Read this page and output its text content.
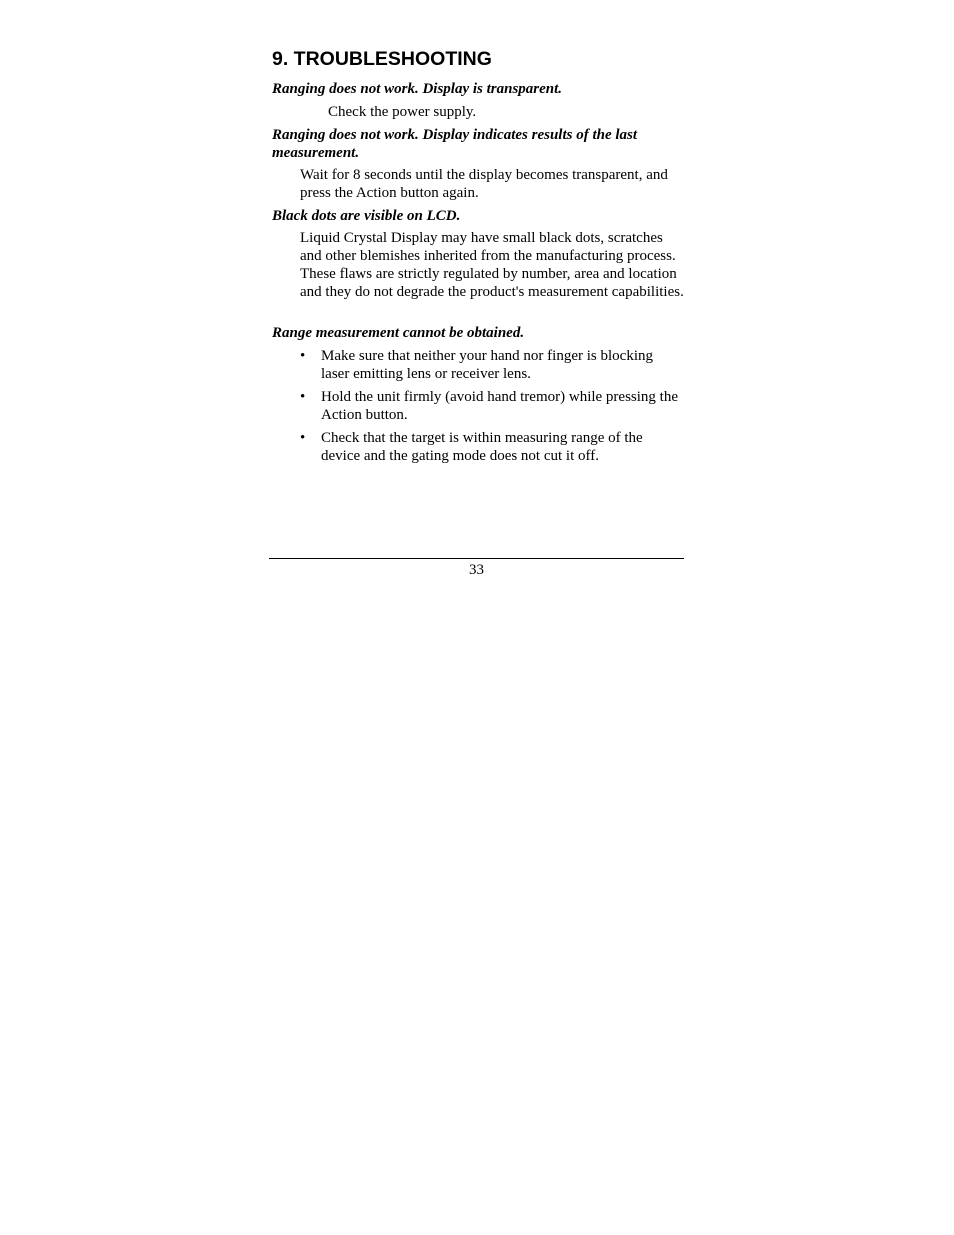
9. TROUBLESHOOTING

Ranging does not work. Display is transparent.

Check the power supply.

Ranging does not work. Display indicates results of the last measurement.

Wait for 8 seconds until the display becomes transparent, and press the Action button again.

Black dots are visible on LCD.

Liquid Crystal Display may have small black dots, scratches and other blemishes inherited from the manufacturing process. These flaws are strictly regulated by number, area and location and they do not degrade the product's measurement capabilities.

Range measurement cannot be obtained.

• Make sure that neither your hand nor finger is blocking laser emitting lens or receiver lens.
• Hold the unit firmly (avoid hand tremor) while pressing the Action button.
• Check that the target is within measuring range of the device and the gating mode does not cut it off.

33
